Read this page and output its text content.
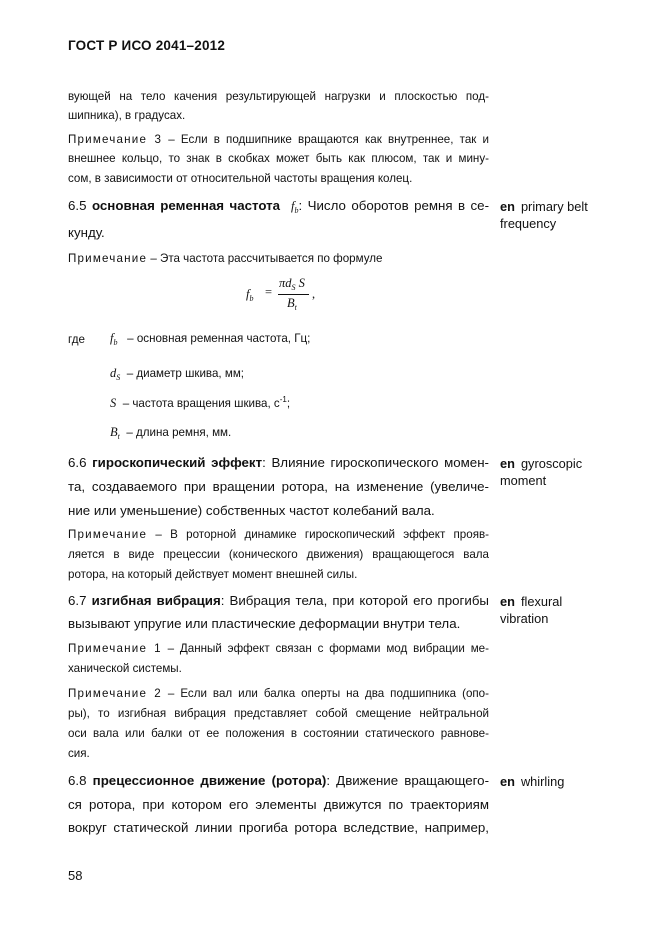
ГОСТ Р ИСО 2041–2012
вующей на тело качения результирующей нагрузки и плоскостью под-
шипника), в градусах.
Примечание 3 – Если в подшипнике вращаются как внутреннее, так и
внешнее кольцо, то знак в скобках может быть как плюсом, так и мину-
сом, в зависимости от относительной частоты вращения колец.
6.5 основная ременная частота $f_b$: Число оборотов ремня в се-
кунду.
en primary belt
frequency
Примечание – Эта частота рассчитывается по формуле
$f_b$ =
$\pi d_S$ S
$B_t$
,
где $f_b$ – основная ременная частота, Гц;
$d_S$ – диаметр шкива, мм;
S – частота вращения шкива, $с^{-1}$;
$B_t$ – длина ремня, мм.
6.6 гироскопический эффект: Влияние гироскопического момен-
та, создаваемого при вращении ротора, на изменение (увеличе-
ние или уменьшение) собственных частот колебаний вала.
en gyroscopic
moment
Примечание – В роторной динамике гироскопический эффект прояв-
ляется в виде прецессии (конического движения) вращающегося вала
ротора, на который действует момент внешней силы.
6.7 изгибная вибрация: Вибрация тела, при которой его прогибы
вызывают упругие или пластические деформации внутри тела.
en flexural
vibration
Примечание 1 – Данный эффект связан с формами мод вибрации ме-
ханической системы.
Примечание 2 – Если вал или балка оперты на два подшипника (опо-
ры), то изгибная вибрация представляет собой смещение нейтральной
оси вала или балки от ее положения в состоянии статического равнове-
сия.
6.8 прецессионное движение (ротора): Движение вращающего-
ся ротора, при котором его элементы движутся по траекториям
вокруг статической линии прогиба ротора вследствие, например,
en whirling
58
